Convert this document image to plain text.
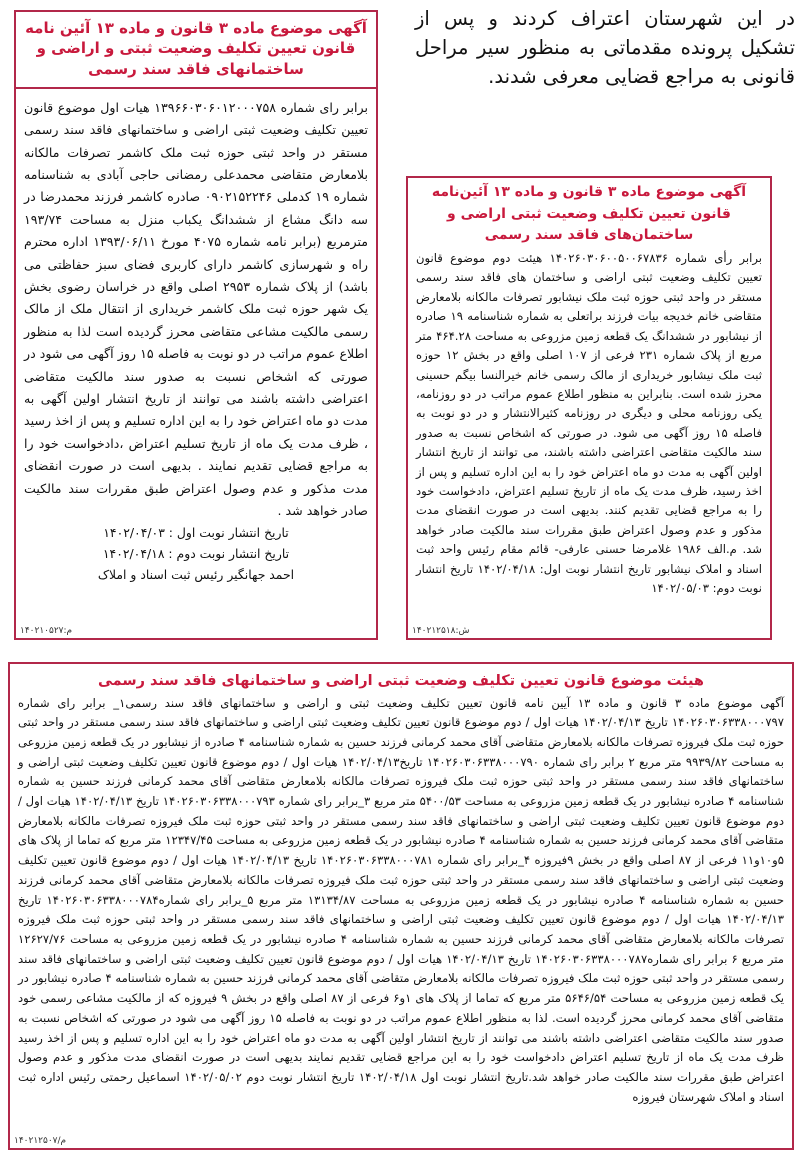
در این شهرستان اعتراف کردند و پس از تشکیل پرونده مقدماتی به منظور سیر مراحل قانونی به مراجع قضایی معرفی شدند.
آگهی موضوع ماده ۳ قانون و ماده ۱۳ آئین نامه قانون تعیین تکلیف وضعیت ثبتی و اراضی و ساختمانهای فاقد سند رسمی

برابر رای شماره ۱۳۹۶۶۰۳۰۶۰۱۲۰۰۰۷۵۸ هیات اول موضوع قانون تعیین تکلیف وضعیت ثبتی اراضی و ساختمانهای فاقد سند رسمی مستقر در واحد ثبتی حوزه ثبت ملک کاشمر تصرفات مالکانه بلامعارض متقاضی محمدعلی رمضانی حاجی آبادی به شناسنامه شماره ۱۹ کدملی ۰۹۰۲۱۵۲۲۴۶ صادره کاشمر فرزند محمدرضا در سه دانگ مشاع از ششدانگ یکباب منزل به مساحت ۱۹۳/۷۴ مترمربع (برابر نامه شماره ۴۰۷۵ مورخ ۱۳۹۳/۰۶/۱۱ اداره محترم راه و شهرسازی کاشمر دارای کاربری فضای سبز حفاظتی می باشد) از پلاک شماره ۲۹۵۳ اصلی واقع در خراسان رضوی بخش یک شهر حوزه ثبت ملک کاشمر خریداری از انتقال ملک از مالک رسمی مالکیت مشاعی متقاضی محرز گردیده است لذا به منظور اطلاع عموم مراتب در دو نوبت به فاصله ۱۵ روز آگهی می شود در صورتی که اشخاص نسبت به صدور سند مالکیت متقاضی اعتراضی داشته باشند می توانند از تاریخ انتشار اولین آگهی به مدت دو ماه اعتراض خود را به این اداره تسلیم و پس از اخذ رسید ، ظرف مدت یک ماه از تاریخ تسلیم اعتراض ،دادخواست خود را به مراجع قضایی تقدیم نمایند . بدیهی است در صورت انقضای مدت مذکور و عدم وصول اعتراض طبق مقررات سند مالکیت صادر خواهد شد .

تاریخ انتشار نوبت اول : ۱۴۰۲/۰۴/۰۳
تاریخ انتشار نوبت دوم : ۱۴۰۲/۰۴/۱۸
احمد جهانگیر رئیس ثبت اسناد و املاک
۱۴۰۲۱۰۵۲۷:م
آگهی موضوع ماده ۳ قانون و ماده ۱۳ آئین‌نامه قانون تعیین تکلیف وضعیت ثبتی اراضی و ساختمان‌های فاقد سند رسمی

برابر رأی شماره ۱۴۰۲۶۰۳۰۶۰۰۵۰۰۶۷۸۳۶ هیئت دوم موضوع قانون تعیین تکلیف وضعیت ثبتی اراضی و ساختمان های فاقد سند رسمی مستقر در واحد ثبتی حوزه ثبت ملک نیشابور تصرفات مالکانه بلامعارض متقاضی خانم خدیجه بیات فرزند براتعلی به شماره شناسنامه ۱۹ صادره از نیشابور در ششدانگ یک قطعه زمین مزروعی به مساحت ۴۶۴.۲۸ متر مربع از پلاک شماره ۲۳۱ فرعی از ۱۰۷ اصلی واقع در بخش ۱۲ حوزه ثبت ملک نیشابور خریداری از مالک رسمی خانم خیرالنسا بیگم حسینی محرز شده است. بنابراین به منظور اطلاع عموم مراتب در دو روزنامه، یکی روزنامه محلی و دیگری در روزنامه کثیرالانتشار و در دو نوبت به فاصله ۱۵ روز آگهی می شود. در صورتی که اشخاص نسبت به صدور سند مالکیت متقاضی اعتراضی داشته باشند، می توانند از تاریخ انتشار اولین آگهی به مدت دو ماه اعتراض خود را به این اداره تسلیم و پس از اخذ رسید، ظرف مدت یک ماه از تاریخ تسلیم اعتراض، دادخواست خود را به مراجع قضایی تقدیم کنند. بدیهی است در صورت انقضای مدت مذکور و عدم وصول اعتراض طبق مقررات سند مالکیت صادر خواهد شد. م.الف ۱۹۸۶ غلامرضا حسنی عارفی- قائم مقام رئیس واحد ثبت اسناد و املاک نیشابور تاریخ انتشار نوبت اول: ۱۴۰۲/۰۴/۱۸ تاریخ انتشار نوبت دوم: ۱۴۰۲/۰۵/۰۳

۱۴۰۲۱۲۵۱۸:ش
هیئت موضوع قانون تعیین تکلیف وضعیت ثبتی اراضی و ساختمانهای فاقد سند رسمی

آگهی موضوع ماده ۳ قانون و ماده ۱۳ آیین نامه قانون تعیین تکلیف وضعیت ثبتی و اراضی و ساختمانهای فاقد سند رسمی۱_ برابر رای شماره ۱۴۰۲۶۰۳۰۶۳۳۸۰۰۰۷۹۷ تاریخ ۱۴۰۲/۰۴/۱۳ هیات اول / دوم موضوع قانون تعیین تکلیف وضعیت ثبتی اراضی و ساختمانهای فاقد سند رسمی مستقر در واحد ثبتی حوزه ثبت ملک فیروزه تصرفات مالکانه بلامعارض متقاضی آقای محمد کرمانی فرزند حسین به شماره شناسنامه ۴ صادره از نیشابور در یک قطعه زمین مزروعی به مساحت ۹۹۳۹/۸۲ متر مربع ۲ برابر رای شماره ۱۴۰۲۶۰۳۰۶۳۳۸۰۰۰۷۹۰ تاریخ۱۴۰۲/۰۴/۱۳ هیات اول / دوم موضوع قانون تعیین تکلیف وضعیت ثبتی اراضی و ساختمانهای فاقد سند رسمی مستقر در واحد ثبتی حوزه ثبت ملک فیروزه تصرفات مالکانه بلامعارض متقاضی آقای محمد کرمانی فرزند حسین به شماره شناسنامه ۴ صادره نیشابور در یک قطعه زمین مزروعی به مساحت ۵۴۰۰/۵۳ متر مربع ۳_برابر رای شماره ۱۴۰۲۶۰۳۰۶۳۳۸۰۰۰۷۹۳ تاریخ ۱۴۰۲/۰۴/۱۳ هیات اول / دوم موضوع قانون تعیین تکلیف وضعیت ثبتی اراضی و ساختمانهای فاقد سند رسمی مستقر در واحد ثبتی حوزه ثبت ملک فیروزه تصرفات مالکانه بلامعارض متقاضی آقای محمد کرمانی فرزند حسین به شماره شناسنامه ۴ صادره نیشابور در یک قطعه زمین مزروعی به مساحت ۱۲۳۴۷/۴۵ متر مربع که تماما از پلاک های ۵و۱۰و۱۱ فرعی از ۸۷ اصلی واقع در بخش ۹فیروزه ۴_برابر رای شماره ۱۴۰۲۶۰۳۰۶۳۳۸۰۰۰۷۸۱ تاریخ ۱۴۰۲/۰۴/۱۳ هیات اول / دوم موضوع قانون تعیین تکلیف وضعیت ثبتی اراضی و ساختمانهای فاقد سند رسمی مستقر در واحد ثبتی حوزه ثبت ملک فیروزه تصرفات مالکانه بلامعارض متقاضی آقای محمد کرمانی فرزند حسین به شماره شناسنامه ۴ صادره نیشابور در یک قطعه زمین مزروعی به مساحت ۱۳۱۳۴/۸۷ متر مربع ۵_برابر رای شماره۱۴۰۲۶۰۳۰۶۳۳۸۰۰۰۷۸۴ تاریخ ۱۴۰۲/۰۴/۱۳ هیات اول / دوم موضوع قانون تعیین تکلیف وضعیت ثبتی اراضی و ساختمانهای فاقد سند رسمی مستقر در واحد ثبتی حوزه ثبت ملک فیروزه تصرفات مالکانه بلامعارض متقاضی آقای محمد کرمانی فرزند حسین به شماره شناسنامه ۴ صادره نیشابور در یک قطعه زمین مزروعی به مساحت ۱۲۶۲۷/۷۶ متر مربع ۶ برابر رای شماره۱۴۰۲۶۰۳۰۶۳۳۸۰۰۰۷۸۷ تاریخ ۱۴۰۲/۰۴/۱۳ هیات اول / دوم موضوع قانون تعیین تکلیف وضعیت ثبتی اراضی و ساختمانهای فاقد سند رسمی مستقر در واحد ثبتی حوزه ثبت ملک فیروزه تصرفات مالکانه بلامعارض متقاضی آقای محمد کرمانی فرزند حسین به شماره شناسنامه ۴ صادره نیشابور در یک قطعه زمین مزروعی به مساحت ۵۶۴۶/۵۴ متر مربع که تماما از پلاک های ۱و۶ فرعی از ۸۷ اصلی واقع در بخش ۹ فیروزه که از مالکیت مشاعی رسمی خود متقاضی آقای محمد کرمانی محرز گردیده است. لذا به منظور اطلاع عموم مراتب در دو نوبت به فاصله ۱۵ روز آگهی می شود در صورتی که اشخاص نسبت به صدور سند مالکیت متقاضی اعتراضی داشته باشند می توانند از تاریخ انتشار اولین آگهی به مدت دو ماه اعتراض خود را به این اداره تسلیم و پس از اخذ رسید ظرف مدت یک ماه از تاریخ تسلیم اعتراض دادخواست خود را به این مراجع قضایی تقدیم نمایند بدیهی است در صورت انقضای مدت مذکور و عدم وصول اعتراض طبق مقررات سند مالکیت صادر خواهد شد.تاریخ انتشار نوبت اول ۱۴۰۲/۰۴/۱۸ تاریخ انتشار نوبت دوم ۱۴۰۲/۰۵/۰۲ اسماعیل رحمتی رئیس اداره ثبت اسناد و املاک شهرستان فیروزه

م/۱۴۰۲۱۲۵۰۷
